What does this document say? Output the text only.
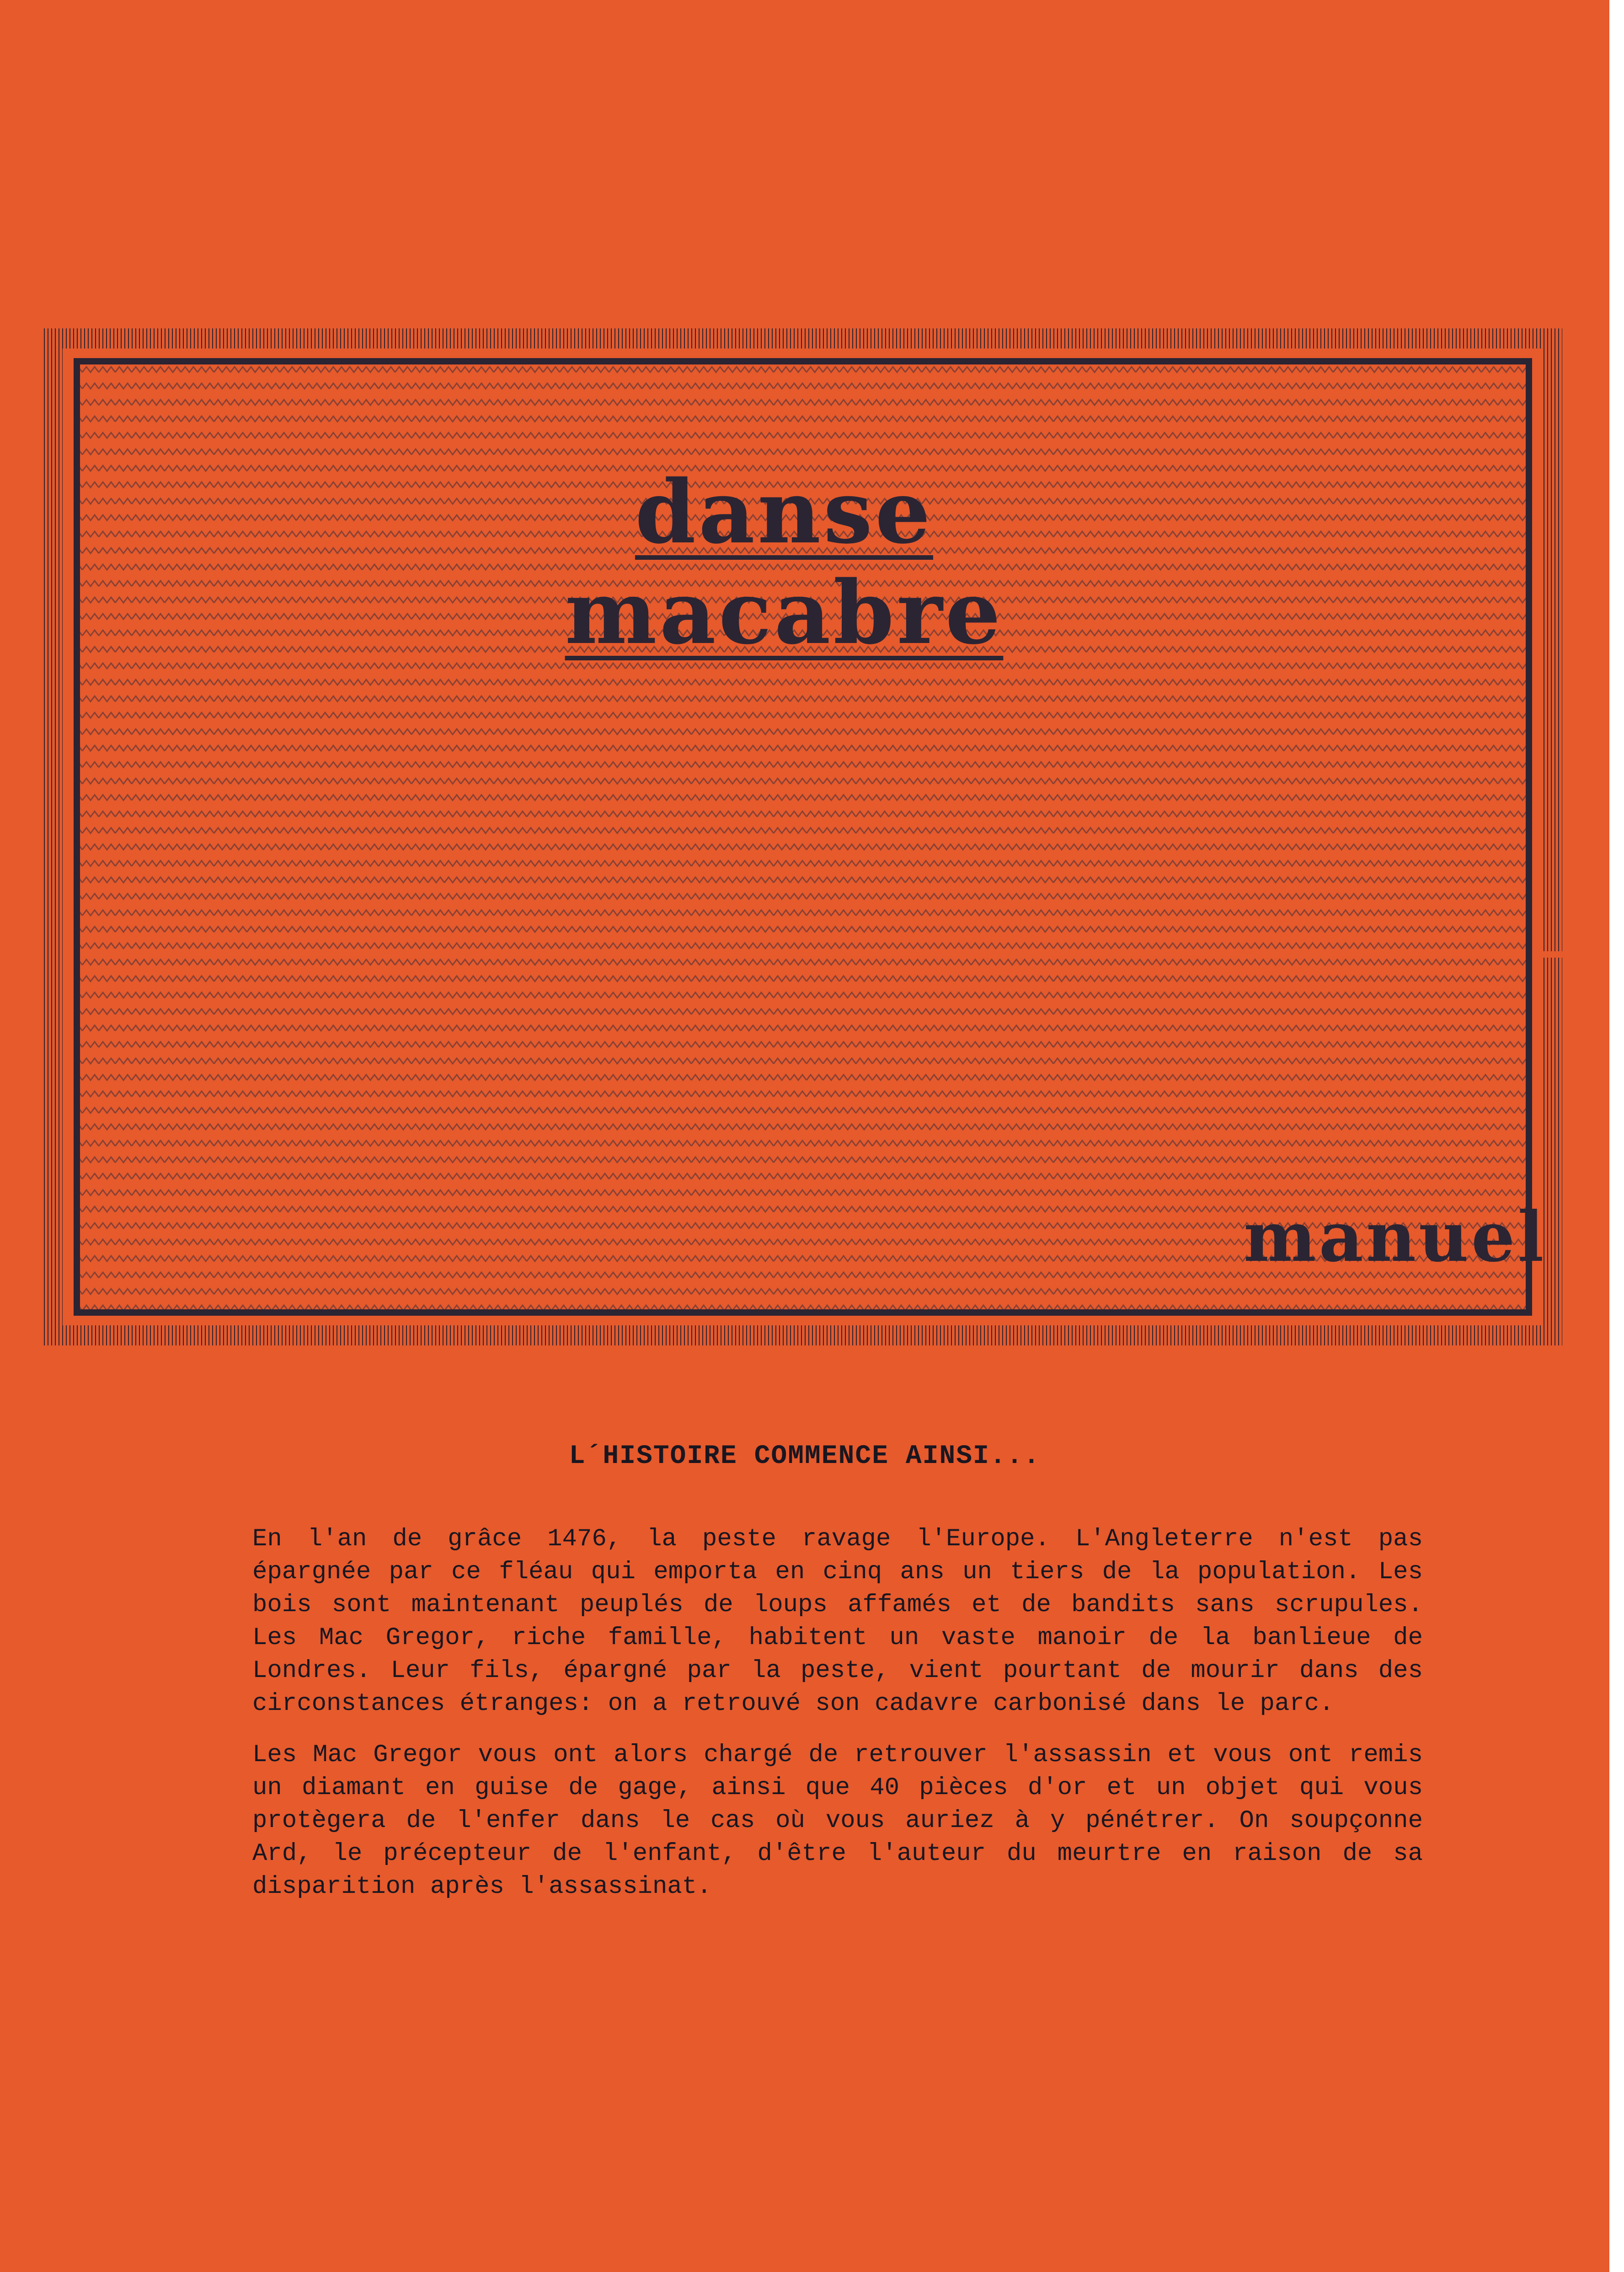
danse macabre
manuel
L´HISTOIRE COMMENCE AINSI...

En l'an de grâce 1476, la peste ravage l'Europe. L'Angleterre n'est pas épargnée par ce fléau qui emporta en cinq ans un tiers de la population. Les bois sont maintenant peuplés de loups affamés et de bandits sans scrupules. Les Mac Gregor, riche famille, habitent un vaste manoir de la banlieue de Londres. Leur fils, épargné par la peste, vient pourtant de mourir dans des circonstances étranges: on a retrouvé son cadavre carbonisé dans le parc.

Les Mac Gregor vous ont alors chargé de retrouver l'assassin et vous ont remis un diamant en guise de gage, ainsi que 40 pièces d'or et un objet qui vous protègera de l'enfer dans le cas où vous auriez à y pénétrer. On soupçonne Ard, le précepteur de l'enfant, d'être l'auteur du meurtre en raison de sa disparition après l'assassinat.
